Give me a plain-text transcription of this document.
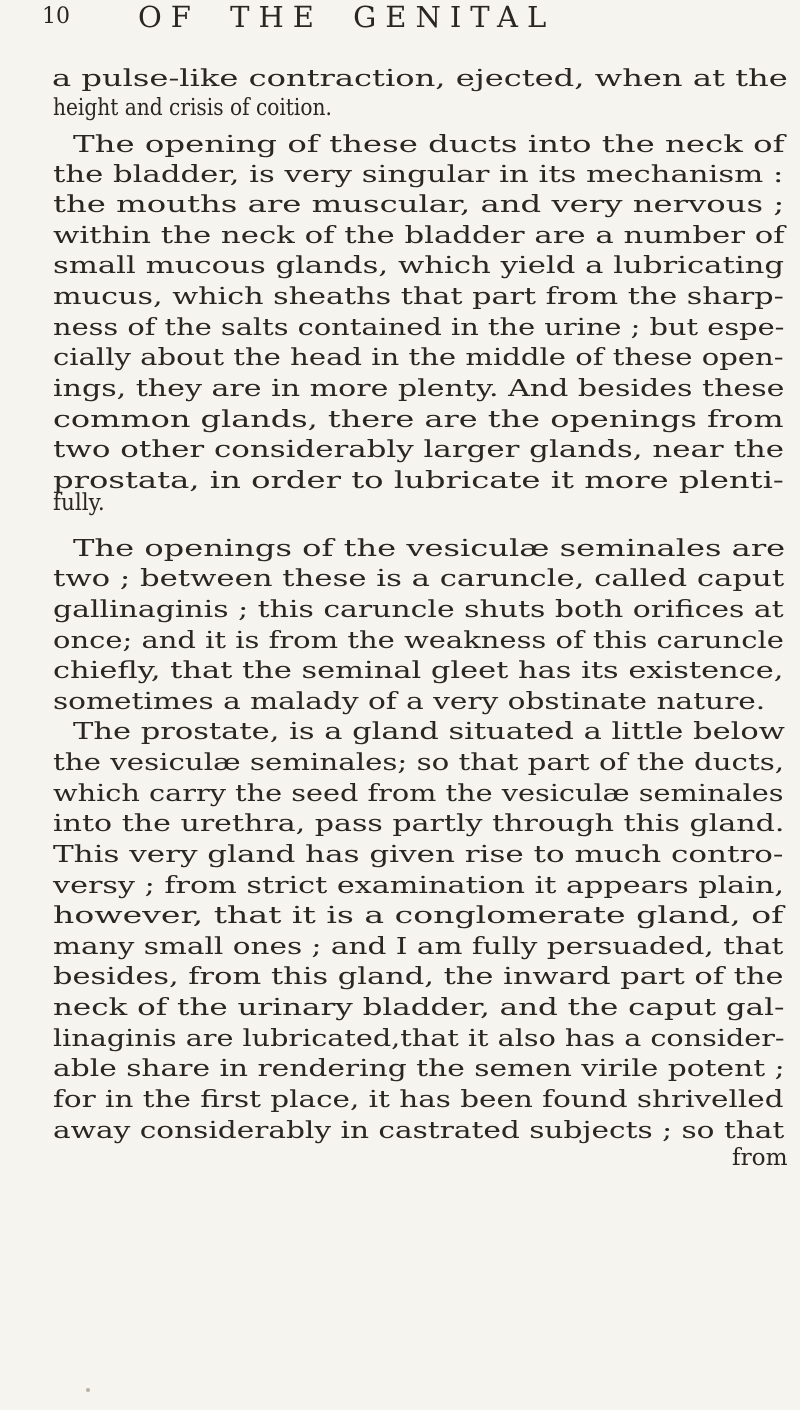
10 OF THE GENITAL
a pulse-like contraction, ejected, when at the
height and crisis of coition.
The opening of these ducts into the neck of
the bladder, is very singular in its mechanism :
the mouths are muscular, and very nervous ;
within the neck of the bladder are a number of
small mucous glands, which yield a lubricating
mucus, which sheaths that part from the sharp-
ness of the salts contained in the urine ; but espe-
cially about the head in the middle of these open-
ings, they are in more plenty. And besides these
common glands, there are the openings from
two other considerably larger glands, near the
prostata, in order to lubricate it more plenti-
fully.
The openings of the vesiculæ seminales are
two ; between these is a caruncle, called caput
gallinaginis ; this caruncle shuts both orifices at
once; and it is from the weakness of this caruncle
chiefly, that the seminal gleet has its existence,
sometimes a malady of a very obstinate nature.
The prostate, is a gland situated a little below
the vesiculæ seminales; so that part of the ducts,
which carry the seed from the vesiculæ seminales
into the urethra, pass partly through this gland.
This very gland has given rise to much contro-
versy ; from strict examination it appears plain,
however, that it is a conglomerate gland, of
many small ones ; and I am fully persuaded, that
besides, from this gland, the inward part of the
neck of the urinary bladder, and the caput gal-
linaginis are lubricated,that it also has a consider-
able share in rendering the semen virile potent ;
for in the first place, it has been found shrivelled
away considerably in castrated subjects ; so that
from
